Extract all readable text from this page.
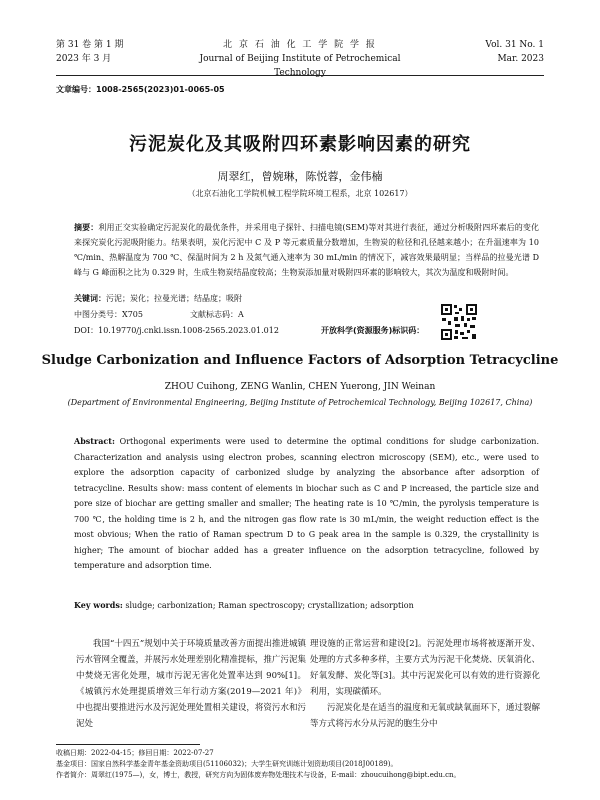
第 31 卷 第 1 期
2023 年 3 月
北 京 石 油 化 工 学 院 学 报
Journal of Beijing Institute of Petrochemical Technology
Vol. 31 No. 1
Mar. 2023
文章编号：1008-2565(2023)01-0065-05
污泥炭化及其吸附四环素影响因素的研究
周翠红，曾婉琳，陈悦蓉，金伟楠
（北京石油化工学院机械工程学院环境工程系，北京 102617）
摘要：利用正交实验确定污泥炭化的最优条件，并采用电子探针、扫描电镜(SEM)等对其进行表征，通过分析吸附四环素后的变化来探究炭化污泥吸附能力。结果表明，炭化污泥中 C 及 P 等元素质量分数增加，生物炭的粒径和孔径越来越小；在升温速率为 10 ℃/min、热解温度为 700 ℃、保温时间为 2 h 及氮气通入速率为 30 mL/min 的情况下，减容效果最明显；当样品的拉曼光谱 D 峰与 G 峰面积之比为 0.329 时，生成生物炭结晶度较高；生物炭添加量对吸附四环素的影响较大，其次为温度和吸附时间。
关键词：污泥；炭化；拉曼光谱；结晶度；吸附
中图分类号：X705	文献标志码：A
DOI：10.19770/j.cnki.issn.1008-2565.2023.01.012	开放科学(资源服务)标识码：
Sludge Carbonization and Influence Factors of Adsorption Tetracycline
ZHOU Cuihong, ZENG Wanlin, CHEN Yuerong, JIN Weinan
(Department of Environmental Engineering, Beijing Institute of Petrochemical Technology, Beijing 102617, China)
Abstract: Orthogonal experiments were used to determine the optimal conditions for sludge carbonization. Characterization and analysis using electron probes, scanning electron microscopy (SEM), etc., were used to explore the adsorption capacity of carbonized sludge by analyzing the absorbance after adsorption of tetracycline. Results show: mass content of elements in biochar such as C and P increased, the particle size and pore size of biochar are getting smaller and smaller; The heating rate is 10 ℃/min, the pyrolysis temperature is 700 ℃, the holding time is 2 h, and the nitrogen gas flow rate is 30 mL/min, the weight reduction effect is the most obvious; When the ratio of Raman spectrum D to G peak area in the sample is 0.329, the crystallinity is higher; The amount of biochar added has a greater influence on the adsorption tetracycline, followed by temperature and adsorption time.
Key words: sludge; carbonization; Raman spectroscopy; crystallization; adsorption
我国“十四五”规划中关于环境质量改善方面提出推进城镇污水管网全覆盖，并展污水处理差别化精准提标，推广污泥集中焚烧无害化处理，城市污泥无害化处置率达到 90%[1]。《城镇污水处理提质增效三年行动方案(2019—2021 年)》中也提出要推进污水及污泥处理处置相关建设，将资污水和污泥处
理设施的正常运营和建设[2]。污泥处理市场将被逐渐开发、处理的方式多种多样，主要方式为污泥干化焚烧、厌氧消化、好氧发酵、炭化等[3]。其中污泥炭化可以有效的进行资源化利用，实现碳循环。
污泥炭化是在适当的温度和无氧或缺氧面环下，通过裂解等方式将污水分从污泥的胞生分中
收稿日期：2022-04-15；修回日期：2022-07-27
基金项目：国家自然科学基金青年基金资助项目(51106032)；大学生研究训练计划资助项目(2018J00189)。
作者简介：周翠红(1975—)，女，博士，教授，研究方向为固体废弃物处理技术与设备，E-mail：zhoucuihong@bipt.edu.cn。
